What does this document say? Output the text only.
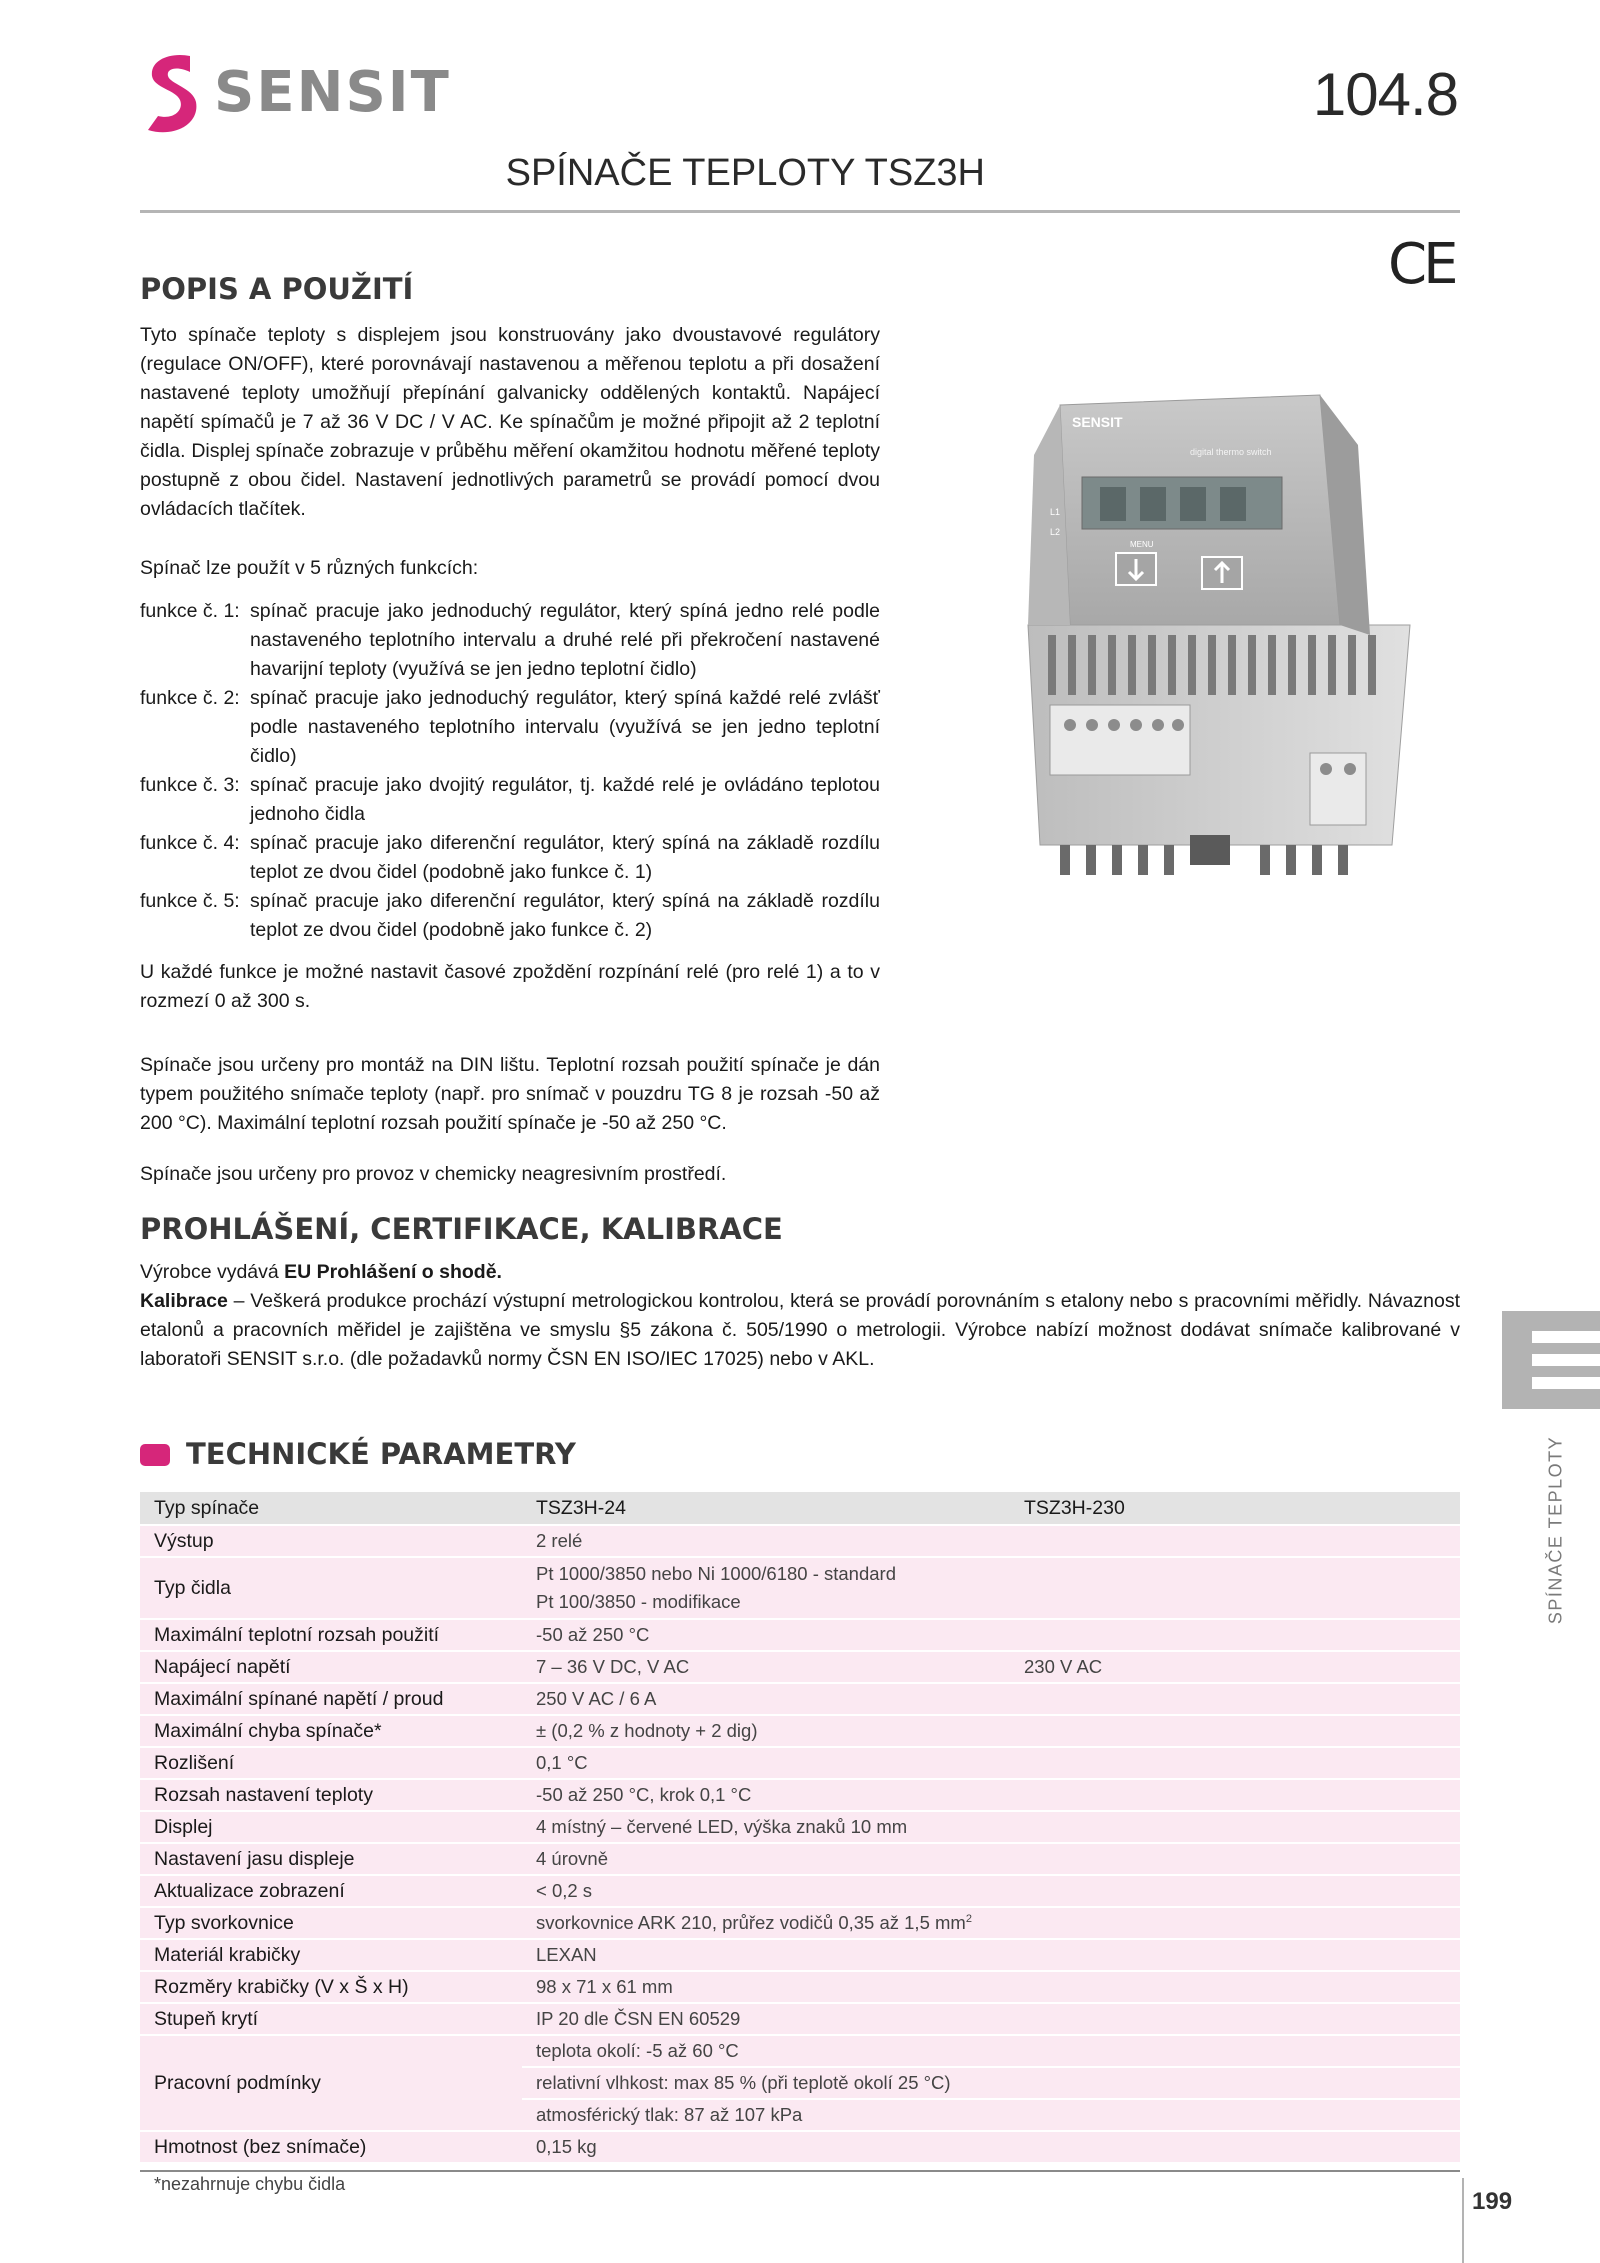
SENSIT	104.8
SPÍNAČE TEPLOTY TSZ3H
CE
POPIS A POUŽITÍ

Tyto spínače teploty s displejem jsou konstruovány jako dvoustavové regulátory (regulace ON/OFF), které porovnávají nastavenou a měřenou teplotu a při dosažení nastavené teploty umožňují přepínání galvanicky oddělených kontaktů. Napájecí napětí spímačů je 7 až 36 V DC / V AC. Ke spínačům je možné připojit až 2 teplotní čidla. Displej spínače zobrazuje v průběhu měření okamžitou hodnotu měřené teploty postupně z obou čidel. Nastavení jednotlivých parametrů se provádí pomocí dvou ovládacích tlačítek.

Spínač lze použít v 5 různých funkcích:

funkce č. 1: spínač pracuje jako jednoduchý regulátor, který spíná jedno relé podle nastaveného teplotního intervalu a druhé relé při překročení nastavené havarijní teploty (využívá se jen jedno teplotní čidlo)
funkce č. 2: spínač pracuje jako jednoduchý regulátor, který spíná každé relé zvlášť podle nastaveného teplotního intervalu (využívá se jen jedno teplotní čidlo)
funkce č. 3: spínač pracuje jako dvojitý regulátor, tj. každé relé je ovládáno teplotou jednoho čidla
funkce č. 4: spínač pracuje jako diferenční regulátor, který spíná na základě rozdílu teplot ze dvou čidel (podobně jako funkce č. 1)
funkce č. 5: spínač pracuje jako diferenční regulátor, který spíná na základě rozdílu teplot ze dvou čidel (podobně jako funkce č. 2)

U každé funkce je možné nastavit časové zpoždění rozpínání relé (pro relé 1) a to v rozmezí 0 až 300 s.

Spínače jsou určeny pro montáž na DIN lištu. Teplotní rozsah použití spínače je dán typem použitého snímače teploty (např. pro snímač v pouzdru TG 8 je rozsah -50 až 200 °C). Maximální teplotní rozsah použití spínače je -50 až 250 °C.

Spínače jsou určeny pro provoz v chemicky neagresivním prostředí.

SENSIT
digital thermo switch
L1
L2
MENU
PROHLÁŠENÍ, CERTIFIKACE, KALIBRACE
Výrobce vydává EU Prohlášení o shodě.
Kalibrace – Veškerá produkce prochází výstupní metrologickou kontrolou, která se provádí porovnáním s etalony nebo s pracovními měřidly. Návaznost etalonů a pracovních měřidel je zajištěna ve smyslu §5 zákona č. 505/1990 o metrologii. Výrobce nabízí možnost dodávat snímače kalibrované v laboratoři SENSIT s.r.o. (dle požadavků normy ČSN EN ISO/IEC 17025) nebo v AKL.
SPÍNAČE TEPLOTY
TECHNICKÉ PARAMETRY
Typ spínače	TSZ3H-24	TSZ3H-230
Výstup	2 relé	
Typ čidla	Pt 1000/3850 nebo Ni 1000/6180 - standard
Pt 100/3850 - modifikace	

Maximální teplotní rozsah použití	-50 až 250 °C	
Napájecí napětí	7 – 36 V DC, V AC	230 V AC
Maximální spínané napětí / proud	250 V AC / 6 A	
Maximální chyba spínače*	± (0,2 % z hodnoty + 2 dig)	
Rozlišení	0,1 °C	
Rozsah nastavení teploty	-50 až 250 °C, krok 0,1 °C	
Displej	4 místný – červené LED, výška znaků 10 mm	
Nastavení jasu displeje	4 úrovně	
Aktualizace zobrazení	< 0,2 s	
Typ svorkovnice	svorkovnice ARK 210, průřez vodičů 0,35 až 1,5 $mm^2$
Materiál krabičky	LEXAN	
Rozměry krabičky (V x Š x H)	98 x 71 x 61 mm	
Stupeň krytí	IP 20 dle ČSN EN 60529	
Pracovní podmínky	teplota okolí: -5 až 60 °C	
	relativní vlhkost: max 85 % (při teplotě okolí 25 °C)	
	atmosférický tlak: 87 až 107 kPa	
Hmotnost (bez snímače)	0,15 kg	
*nezahrnuje chybu čidla
199
